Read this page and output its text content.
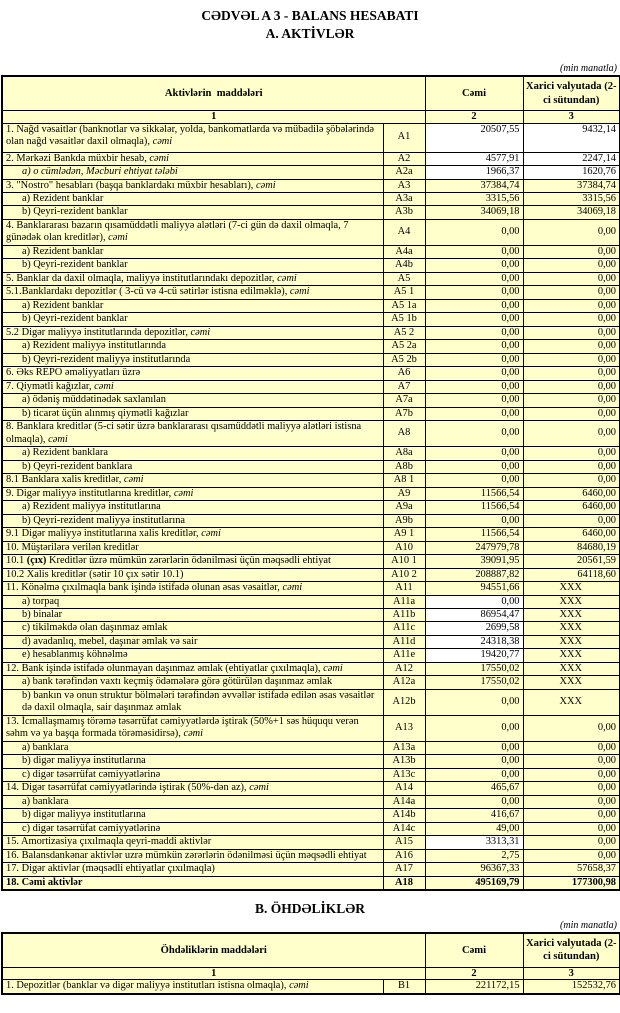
CƏDVƏL A 3 - BALANS HESABATI
A. AKTİVLƏR
(min manatla)
Aktivlərin  maddələri		Cəmi	Xarici valyutada (2-ci sütundan)
1		2	3
1. Nağd vəsaitlər (banknotlar və sikkələr, yolda, bankomatlarda və mübadilə şöbələrində olan nağd vəsaitlər daxil olmaqla), cəmi	A1	20507,55	9432,14
2. Mərkəzi Bankda müxbir hesab, cəmi	A2	4577,91	2247,14
a) o cümlədən, Məcburi ehtiyat tələbi	A2a	1966,37	1620,76
3. "Nostro" hesabları (başqa banklardakı müxbir hesabları), cəmi	A3	37384,74	37384,74
a) Rezident banklar	A3a	3315,56	3315,56
b) Qeyri-rezident banklar	A3b	34069,18	34069,18
4. Banklararası bazarın qısamüddətli maliyyə alətləri (7-ci gün də daxil olmaqla, 7 günədək olan kreditlər), cəmi	A4	0,00	0,00
a) Rezident banklar	A4a	0,00	0,00
b) Qeyri-rezident banklar	A4b	0,00	0,00
5. Banklar da daxil olmaqla, maliyyə institutlarındakı depozitlər, cəmi	A5	0,00	0,00
5.1.Banklardakı depozitlər ( 3-cü və 4-cü sətirlər istisna edilməklə), cəmi	A5 1	0,00	0,00
a) Rezident banklar	A5 1a	0,00	0,00
b) Qeyri-rezident banklar	A5 1b	0,00	0,00
5.2 Digər maliyyə institutlarında depozitlər, cəmi	A5 2	0,00	0,00
a) Rezident maliyyə institutlarında	A5 2a	0,00	0,00
b) Qeyri-rezident maliyyə institutlarında	A5 2b	0,00	0,00
6. Əks REPO əməliyyatları üzrə	A6	0,00	0,00
7. Qiymətli kağızlar, cəmi	A7	0,00	0,00
a) ödəniş müddətinədək saxlanılan	A7a	0,00	0,00
b) ticarət üçün alınmış qiymətli kağızlar	A7b	0,00	0,00
8. Banklara kreditlər (5-ci sətir üzrə banklararası qısamüddətli maliyyə alətləri istisna olmaqla), cəmi	A8	0,00	0,00
a) Rezident banklara	A8a	0,00	0,00
b) Qeyri-rezident banklara	A8b	0,00	0,00
8.1 Banklara xalis kreditlər, cəmi	A8 1	0,00	0,00
9. Digər maliyyə institutlarına kreditlər, cəmi	A9	11566,54	6460,00
a) Rezident maliyyə institutlarına	A9a	11566,54	6460,00
b) Qeyri-rezident maliyyə institutlarına	A9b	0,00	0,00
9.1 Digər maliyyə institutlarına xalis kreditlər, cəmi	A9 1	11566,54	6460,00
10. Müştərilərə verilən kreditlər	A10	247979,78	84680,19
10.1 (çıx) Kreditlər üzrə mümkün zərərlərin ödənilməsi üçün məqsədli ehtiyat	A10 1	39091,95	20561,59
10.2 Xalis kreditlər (sətir 10 çıx sətir 10.1)	A10 2	208887,82	64118,60
11. Könəlmə çıxılmaqla bank işində istifadə olunan əsas vəsaitlər, cəmi	A11	94551,66	XXX
a) torpaq	A11a	0,00	XXX
b) binalar	A11b	86954,47	XXX
c) tikilməkdə olan daşınmaz əmlak	A11c	2699,58	XXX
d) avadanlıq, mebel, daşınar əmlak və sair	A11d	24318,38	XXX
e) hesablanmış köhnəlmə	A11e	19420,77	XXX
12. Bank işində istifadə olunmayan daşınmaz əmlak (ehtiyatlar çıxılmaqla), cəmi	A12	17550,02	XXX
a) bank tərəfindən vaxtı keçmiş ödəmələrə görə götürülən daşınmaz əmlak	A12a	17550,02	XXX
b) bankın və onun struktur bölmələri tərəfindən əvvəllər istifadə edilən əsas vəsaitlər də daxil olmaqla, sair daşınmaz əmlak	A12b	0,00	XXX
13. İcmallaşmamış törəmə təsərrüfat cəmiyyətlərdə iştirak (50%+1 səs hüququ verən səhm və ya başqa formada törəməsidirsə), cəmi	A13	0,00	0,00
a) banklara	A13a	0,00	0,00
b) digər maliyyə institutlarına	A13b	0,00	0,00
c) digər təsərrüfat cəmiyyətlərinə	A13c	0,00	0,00
14. Digər təsərrüfat cəmiyyətlərində iştirak (50%-dən az), cəmi	A14	465,67	0,00
a) banklara	A14a	0,00	0,00
b) digər maliyyə institutlarına	A14b	416,67	0,00
c) digər təsərrüfat cəmiyyətlərinə	A14c	49,00	0,00
15. Amortizasiya çıxılmaqla qeyri-maddi aktivlər	A15	3313,31	0,00
16. Balansdankənar aktivlər uzrə mümkün zərərlərin ödənilməsi üçün məqsədli ehtiyat	A16	2,75	0,00
17. Digər aktivlər (məqsədli ehtiyatlar çıxılmaqla)	A17	96367,33	57658,37
18. Cəmi aktivlər	A18	495169,79	177300,98
B. ÖHDƏLİKLƏR
(min manatla)
Öhdəliklərin maddələri		Cəmi	Xarici valyutada (2-ci sütundan)
1		2	3
1. Depozitlər (banklar və digər maliyyə institutları istisna olmaqla), cəmi	B1	221172,15	152532,76
